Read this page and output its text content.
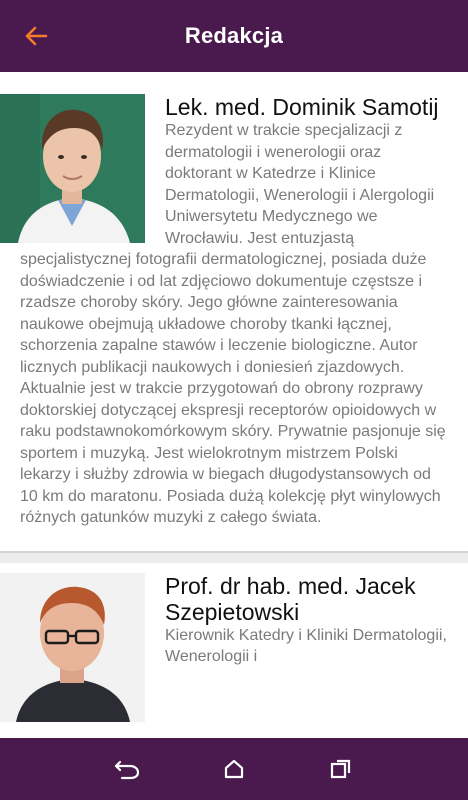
Redakcja
Lek. med. Dominik Samotij

Rezydent w trakcie specjalizacji z dermatologii i wenerologii oraz doktorant w Katedrze i Klinice Dermatologii, Wenerologii i Alergologii Uniwersytetu Medycznego we Wrocławiu. Jest entuzjastą specjalistycznej fotografii dermatologicznej, posiada duże doświadczenie i od lat zdjęciowo dokumentuje częstsze i rzadsze choroby skóry. Jego główne zainteresowania naukowe obejmują układowe choroby tkanki łącznej, schorzenia zapalne stawów i leczenie biologiczne. Autor licznych publikacji naukowych i doniesień zjazdowych. Aktualnie jest w trakcie przygotowań do obrony rozprawy doktorskiej dotyczącej ekspresji receptorów opioidowych w raku podstawnokomórkowym skóry. Prywatnie pasjonuje się sportem i muzyką. Jest wielokrotnym mistrzem Polski lekarzy i służby zdrowia w biegach długodystansowych od 10 km do maratonu. Posiada dużą kolekcję płyt winylowych różnych gatunków muzyki z całego świata.

Prof. dr hab. med. Jacek Szepietowski

Kierownik Katedry i Kliniki Dermatologii, Wenerologii i
